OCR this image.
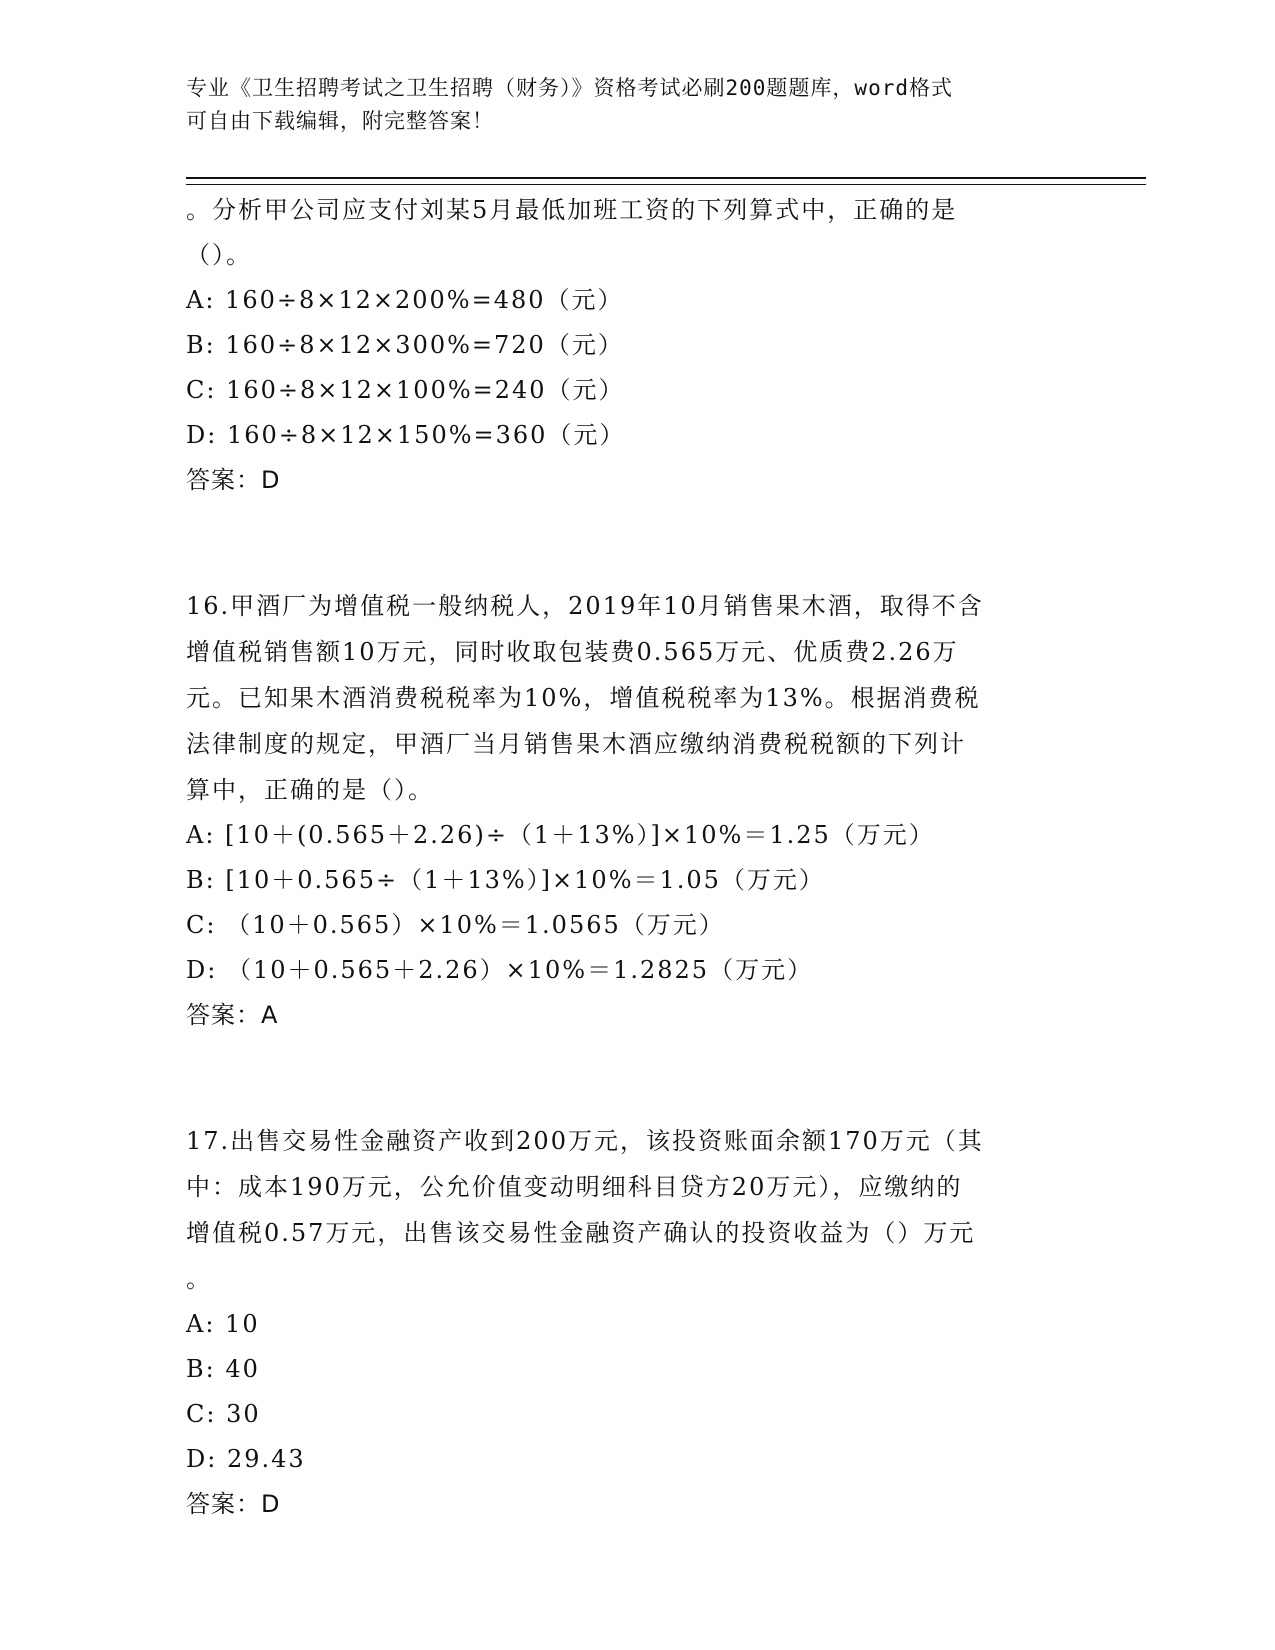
专业《卫生招聘考试之卫生招聘（财务）》资格考试必刷200题题库，word格式
可自由下载编辑，附完整答案！
。分析甲公司应支付刘某5月最低加班工资的下列算式中，正确的是
（）。
A: 160÷8×12×200%=480（元）
B: 160÷8×12×300%=720（元）
C: 160÷8×12×100%=240（元）
D: 160÷8×12×150%=360（元）
答案：D
16.甲酒厂为增值税一般纳税人，2019年10月销售果木酒，取得不含
增值税销售额10万元，同时收取包装费0.565万元、优质费2.26万
元。已知果木酒消费税税率为10%，增值税税率为13%。根据消费税
法律制度的规定，甲酒厂当月销售果木酒应缴纳消费税税额的下列计
算中，正确的是（）。
A: [10＋(0.565＋2.26)÷（1＋13%）]×10%＝1.25（万元）
B: [10＋0.565÷（1＋13%）]×10%＝1.05（万元）
C: （10＋0.565）×10%＝1.0565（万元）
D: （10＋0.565＋2.26）×10%＝1.2825（万元）
答案：A
17.出售交易性金融资产收到200万元，该投资账面余额170万元（其
中：成本190万元，公允价值变动明细科目贷方20万元），应缴纳的
增值税0.57万元，出售该交易性金融资产确认的投资收益为（）万元
。
A: 10
B: 40
C: 30
D: 29.43
答案：D
